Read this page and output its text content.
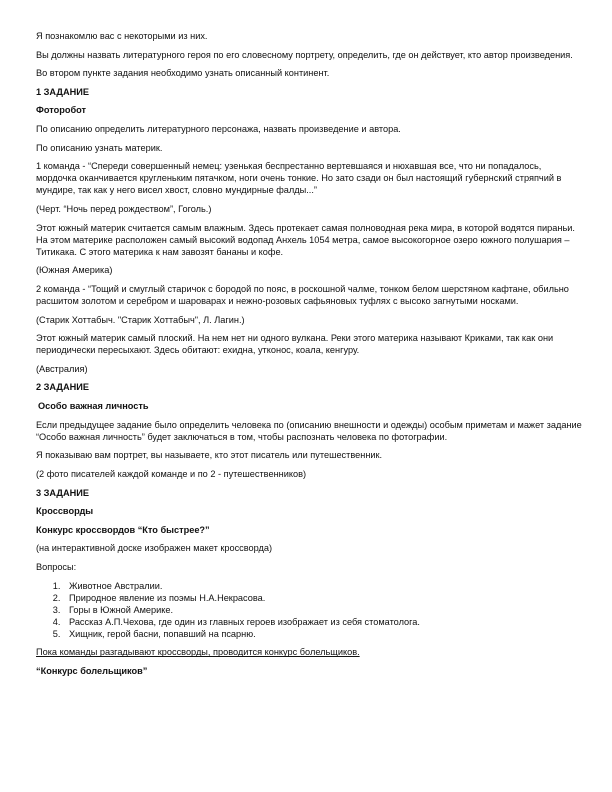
Я познакомлю вас с некоторыми из них.

Вы должны назвать литературного героя по его словесному портрету, определить, где он действует, кто автор произведения.

Во втором пункте задания необходимо узнать описанный континент.

1 ЗАДАНИЕ
Фоторобот

По описанию определить литературного персонажа, назвать произведение и автора.

По описанию узнать материк.

1 команда - “Спереди совершенный немец: узенькая беспрестанно вертевшаяся и нюхавшая все, что ни попадалось, мордочка оканчивается кругленьким пятачком, ноги очень тонкие. Но зато сзади он был настоящий губернский стряпчий в мундире, так как у него висел хвост, словно мундирные фалды...”

(Черт. “Ночь перед рождеством”, Гоголь.)

Этот южный материк считается самым влажным. Здесь протекает самая полноводная река мира, в которой водятся пираньи. На этом материке расположен самый высокий водопад Анхель 1054 метра, самое высокогорное озеро южного полушария – Титикака. С этого материка к нам завозят бананы и кофе.

(Южная Америка)

2 команда - “Тощий и смуглый старичок с бородой по пояс, в роскошной чалме, тонком белом шерстяном кафтане, обильно расшитом золотом и серебром и шароварах и нежно-розовых сафьяновых туфлях с высоко загнутыми носками.

(Старик Хоттабыч. "Старик Хоттабыч", Л. Лагин.)

Этот южный материк самый плоский. На нем нет ни одного вулкана. Реки этого материка называют Криками, так как они периодически пересыхают. Здесь обитают: ехидна, утконос, коала, кенгуру.

(Австралия)

2 ЗАДАНИЕ
Особо важная личность

Если предыдущее задание было определить человека по (описанию внешности и одежды) особым приметам и мажет задание “Особо важная личность” будет заключаться в том, чтобы распознать человека по фотографии.

Я показываю вам портрет, вы называете, кто этот писатель или путешественник.

(2 фото писателей каждой команде и по 2 - путешественников)

3 ЗАДАНИЕ
Кроссворды
Конкурс кроссвордов “Кто быстрее?”

(на интерактивной доске изображен макет кроссворда)

Вопросы:

1. Животное Австралии.
2. Природное явление из поэмы Н.А.Некрасова.
3. Горы в Южной Америке.
4. Рассказ А.П.Чехова, где один из главных героев изображает из себя стоматолога.
5. Хищник, герой басни, попавший на псарню.

Пока команды разгадывают кроссворды, проводится конкурс болельщиков.

“Конкурс болельщиков”
